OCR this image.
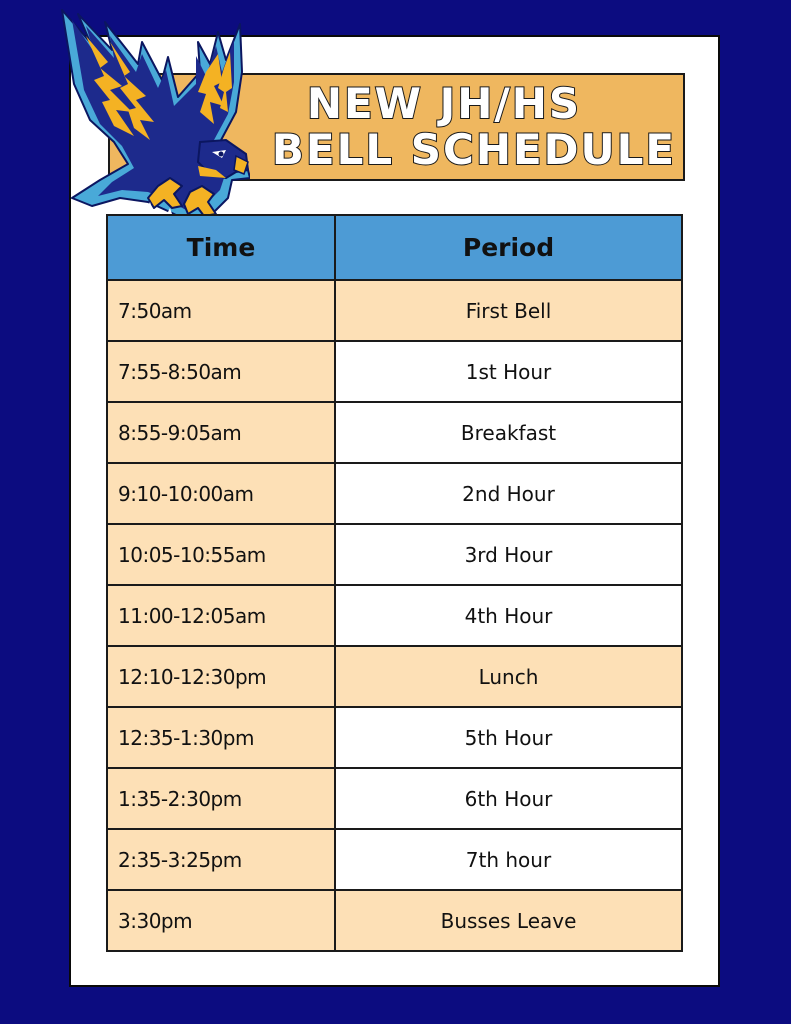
NEW JH/HS
BELL SCHEDULE
Time	Period
7:50am	First Bell
7:55-8:50am	1st Hour
8:55-9:05am	Breakfast
9:10-10:00am	2nd Hour
10:05-10:55am	3rd Hour
11:00-12:05am	4th Hour
12:10-12:30pm	Lunch
12:35-1:30pm	5th Hour
1:35-2:30pm	6th Hour
2:35-3:25pm	7th hour
3:30pm	Busses Leave
